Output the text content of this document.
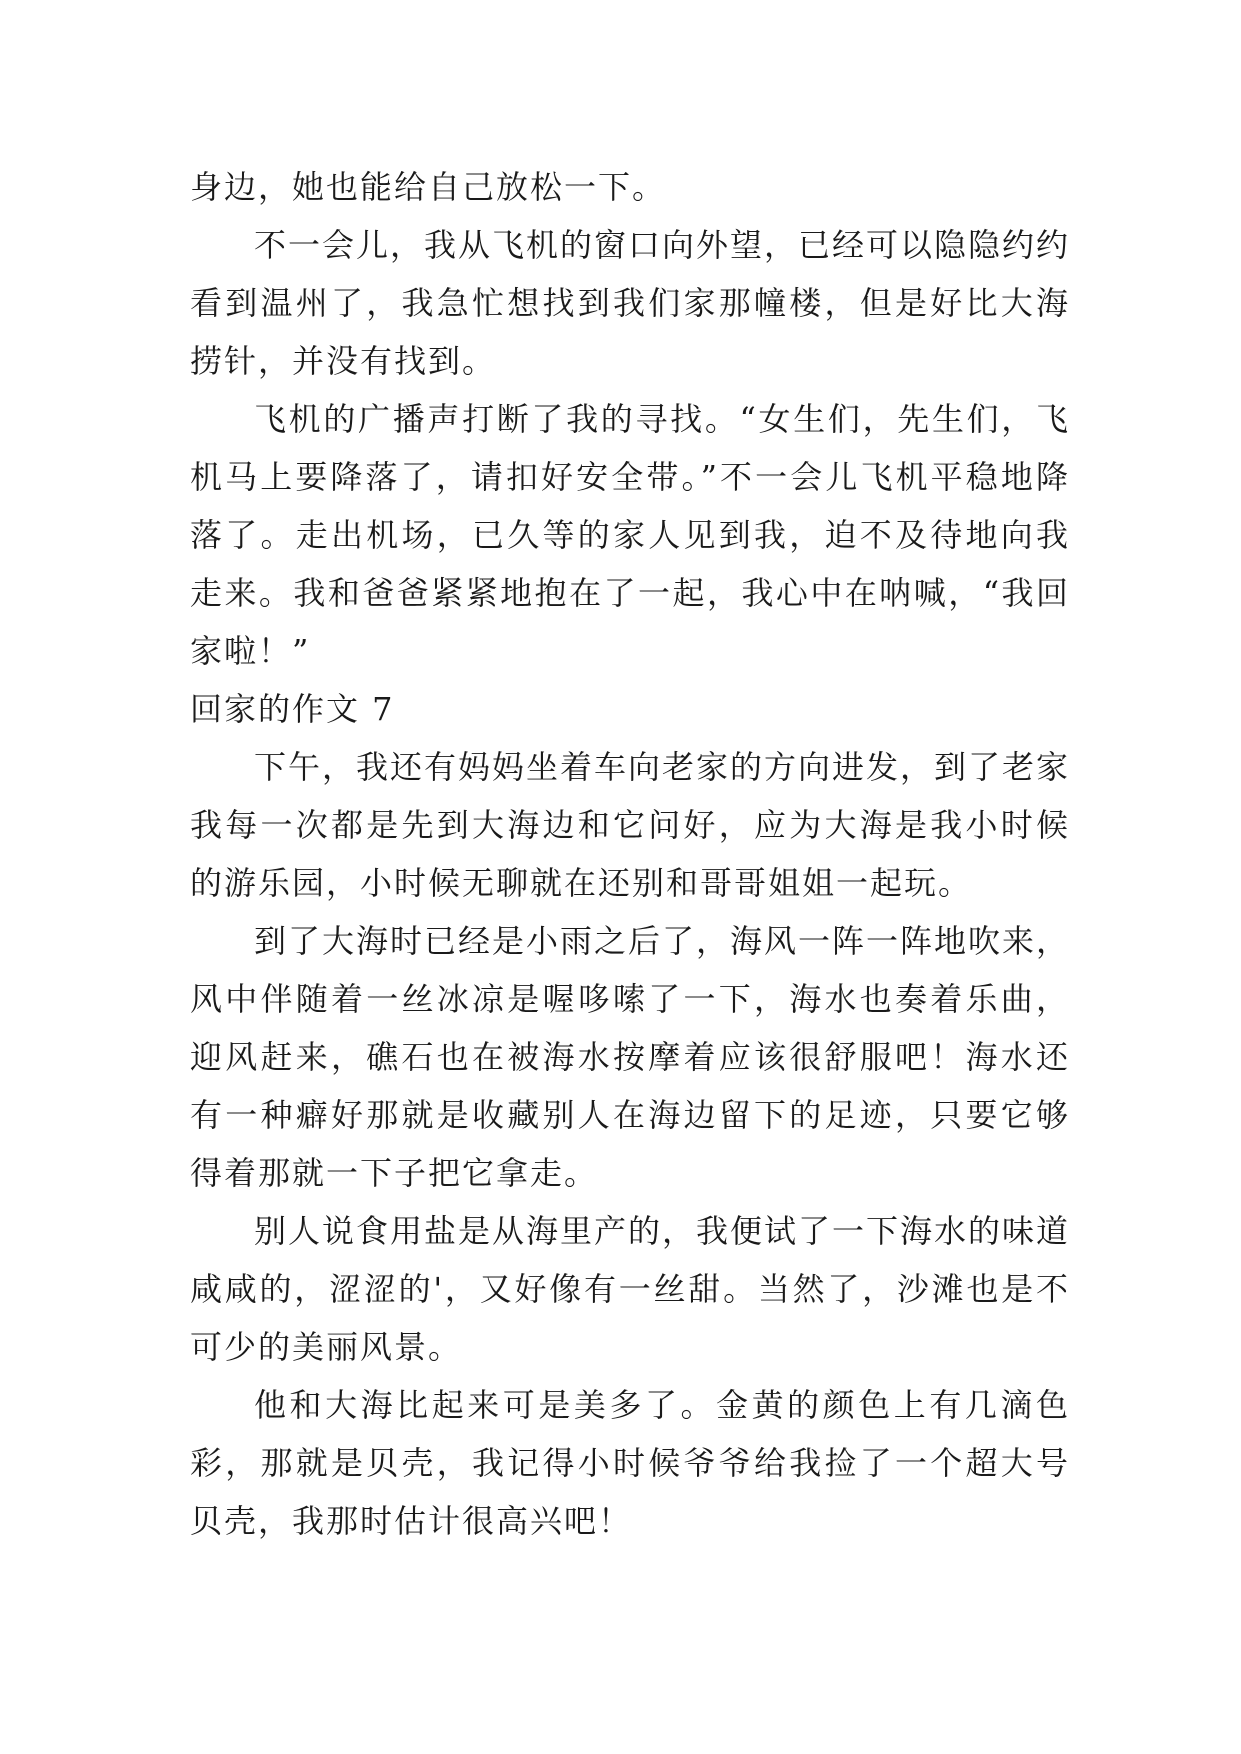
身边，她也能给自己放松一下。

不一会儿，我从飞机的窗口向外望，已经可以隐隐约约看到温州了，我急忙想找到我们家那幢楼，但是好比大海捞针，并没有找到。

飞机的广播声打断了我的寻找。“女生们，先生们，飞机马上要降落了，请扣好安全带。”不一会儿飞机平稳地降落了。走出机场，已久等的家人见到我，迫不及待地向我走来。我和爸爸紧紧地抱在了一起，我心中在呐喊，“我回家啦！”

回家的作文 7

下午，我还有妈妈坐着车向老家的方向进发，到了老家我每一次都是先到大海边和它问好，应为大海是我小时候的游乐园，小时候无聊就在还别和哥哥姐姐一起玩。

到了大海时已经是小雨之后了，海风一阵一阵地吹来，风中伴随着一丝冰凉是喔哆嗦了一下，海水也奏着乐曲，迎风赶来，礁石也在被海水按摩着应该很舒服吧！海水还有一种癖好那就是收藏别人在海边留下的足迹，只要它够得着那就一下子把它拿走。

别人说食用盐是从海里产的，我便试了一下海水的味道咸咸的，涩涩的'，又好像有一丝甜。当然了，沙滩也是不可少的美丽风景。

他和大海比起来可是美多了。金黄的颜色上有几滴色彩，那就是贝壳，我记得小时候爷爷给我捡了一个超大号贝壳，我那时估计很高兴吧！
